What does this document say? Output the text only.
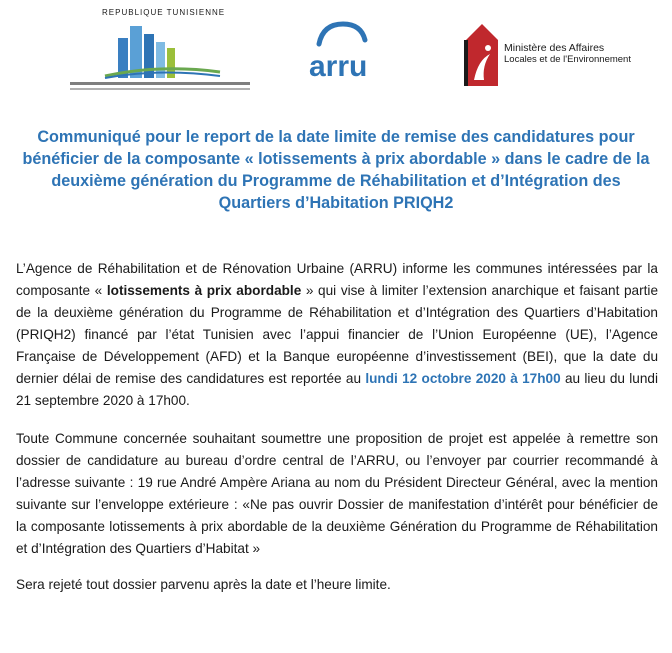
REPUBLIQUE TUNISIENNE
arru
Ministère des Affaires
Locales et de l'Environnement
Communiqué pour le report de la date limite de remise des candidatures pour bénéficier de la composante « lotissements à prix abordable » dans le cadre de la deuxième génération du Programme de Réhabilitation et d’Intégration des Quartiers d’Habitation PRIQH2

L’Agence de Réhabilitation et de Rénovation Urbaine (ARRU) informe les communes intéressées par la composante « lotissements à prix abordable » qui vise à limiter l’extension anarchique et faisant partie de la deuxième génération du Programme de Réhabilitation et d’Intégration des Quartiers d’Habitation (PRIQH2) financé par l’état Tunisien avec l’appui financier de l’Union Européenne (UE), l’Agence Française de Développement (AFD) et la Banque européenne d’investissement (BEI), que la date du dernier délai de remise des candidatures est reportée au lundi 12 octobre 2020 à 17h00 au lieu du lundi 21 septembre 2020 à 17h00.

Toute Commune concernée souhaitant soumettre une proposition de projet est appelée à remettre son dossier de candidature au bureau d’ordre central de l’ARRU, ou l’envoyer par courrier recommandé à l’adresse suivante : 19 rue André Ampère Ariana au nom du Président Directeur Général, avec la mention suivante sur l’enveloppe extérieure : «Ne pas ouvrir Dossier de manifestation d’intérêt pour bénéficier de la composante lotissements à prix abordable de la deuxième Génération du Programme de Réhabilitation et d’Intégration des Quartiers d’Habitat »

Sera rejeté tout dossier parvenu après la date et l’heure limite.
